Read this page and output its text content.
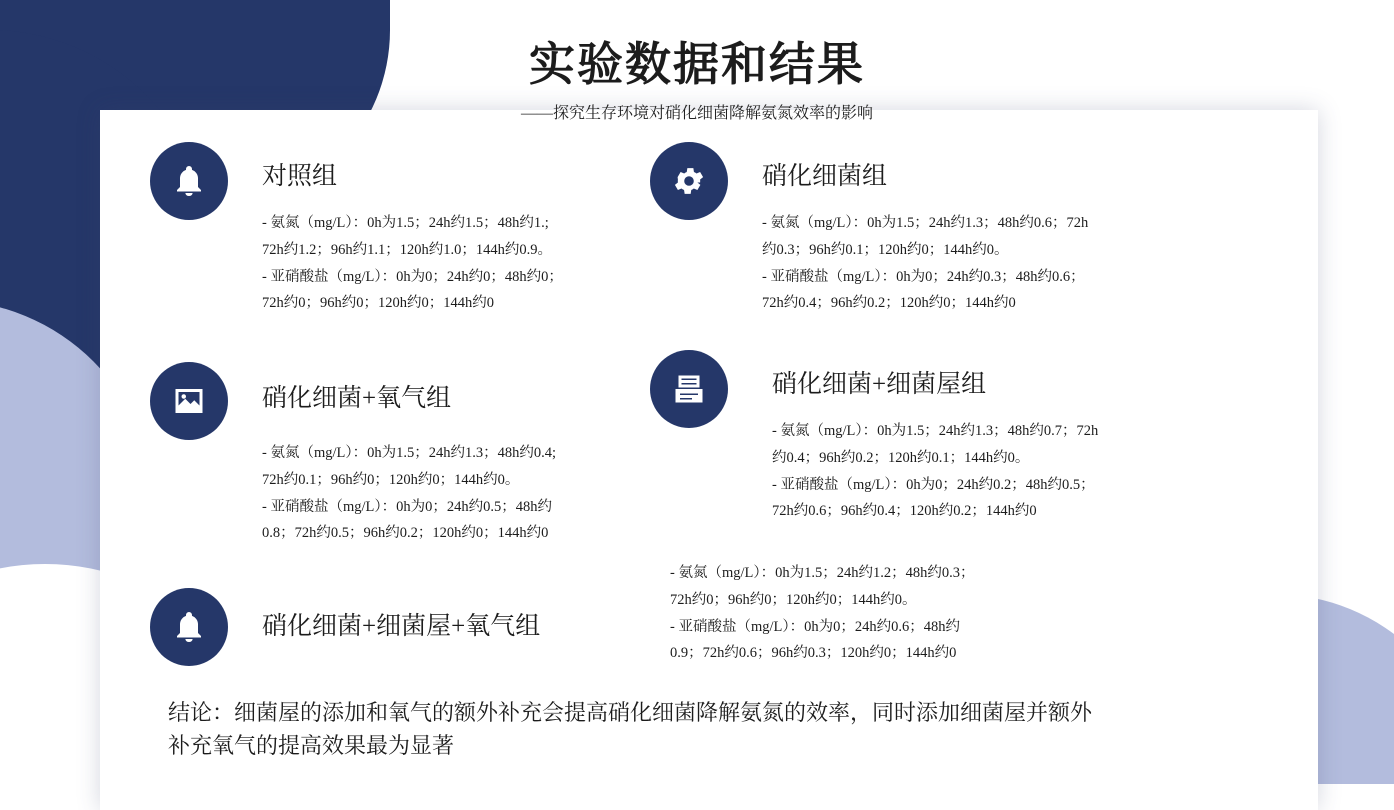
实验数据和结果

——探究生存环境对硝化细菌降解氨氮效率的影响

对照组
- 氨氮（mg/L）：0h为1.5；24h约1.5；48h约1.;
72h约1.2；96h约1.1；120h约1.0；144h约0.9。
- 亚硝酸盐（mg/L）：0h为0；24h约0；48h约0；
72h约0；96h约0；120h约0；144h约0
硝化细菌+氧气组
- 氨氮（mg/L）：0h为1.5；24h约1.3；48h约0.4;
72h约0.1；96h约0；120h约0；144h约0。
- 亚硝酸盐（mg/L）：0h为0；24h约0.5；48h约
0.8；72h约0.5；96h约0.2；120h约0；144h约0
硝化细菌+细菌屋+氧气组
硝化细菌组
- 氨氮（mg/L）：0h为1.5；24h约1.3；48h约0.6；72h
约0.3；96h约0.1；120h约0；144h约0。
- 亚硝酸盐（mg/L）：0h为0；24h约0.3；48h约0.6；
72h约0.4；96h约0.2；120h约0；144h约0
硝化细菌+细菌屋组
- 氨氮（mg/L）：0h为1.5；24h约1.3；48h约0.7；72h
约0.4；96h约0.2；120h约0.1；144h约0。
- 亚硝酸盐（mg/L）：0h为0；24h约0.2；48h约0.5；
72h约0.6；96h约0.4；120h约0.2；144h约0
- 氨氮（mg/L）：0h为1.5；24h约1.2；48h约0.3；
72h约0；96h约0；120h约0；144h约0。
- 亚硝酸盐（mg/L）：0h为0；24h约0.6；48h约
0.9；72h约0.6；96h约0.3；120h约0；144h约0
结论：细菌屋的添加和氧气的额外补充会提高硝化细菌降解氨氮的效率，同时添加细菌屋并额外补充氧气的提高效果最为显著
